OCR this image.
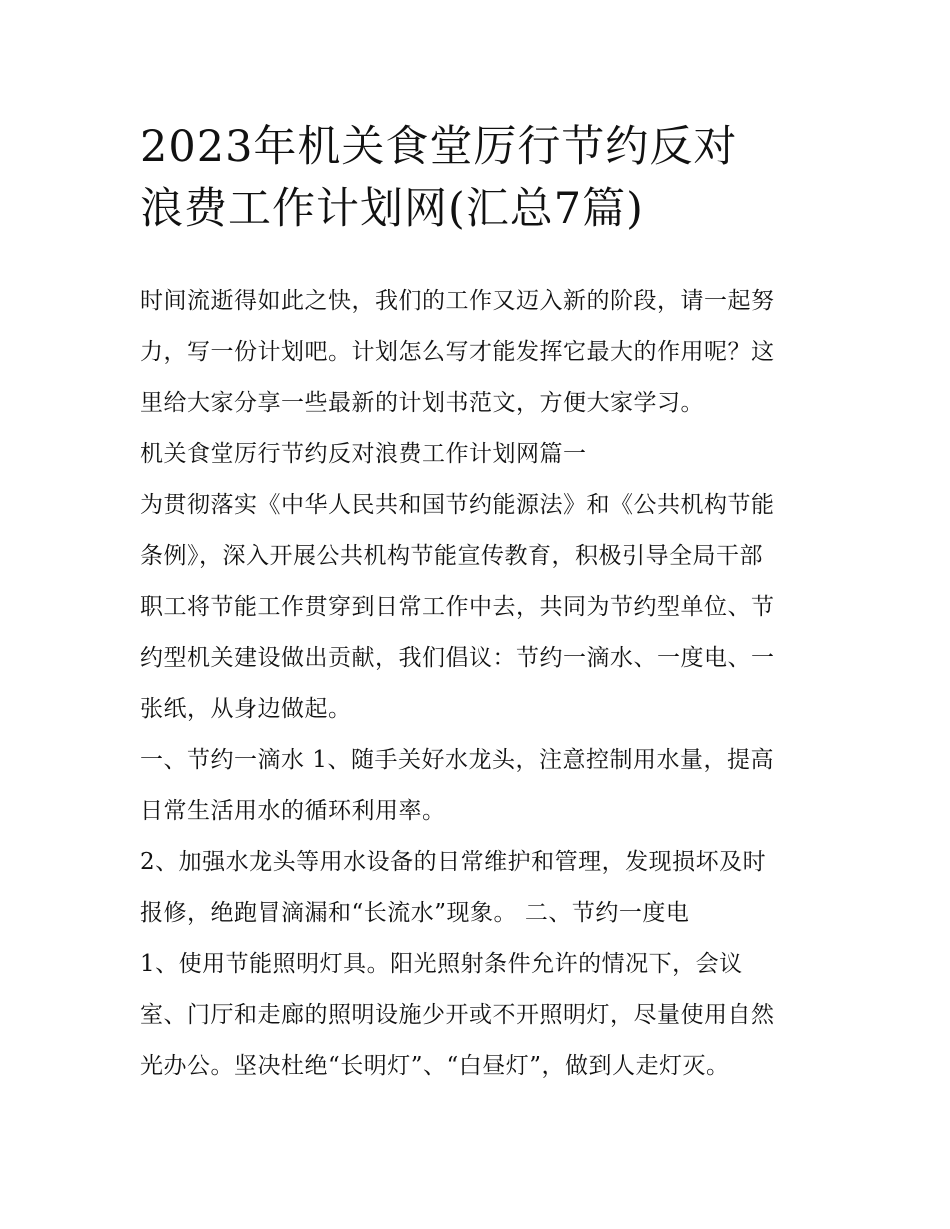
2023年机关食堂厉行节约反对
浪费工作计划网(汇总7篇)
时间流逝得如此之快，我们的工作又迈入新的阶段，请一起努
力，写一份计划吧。计划怎么写才能发挥它最大的作用呢？这
里给大家分享一些最新的计划书范文，方便大家学习。
机关食堂厉行节约反对浪费工作计划网篇一
为贯彻落实《中华人民共和国节约能源法》和《公共机构节能
条例》，深入开展公共机构节能宣传教育，积极引导全局干部
职工将节能工作贯穿到日常工作中去，共同为节约型单位、节
约型机关建设做出贡献，我们倡议：节约一滴水、一度电、一
张纸，从身边做起。
一、节约一滴水 1、随手关好水龙头，注意控制用水量，提高
日常生活用水的循环利用率。
2、加强水龙头等用水设备的日常维护和管理，发现损坏及时
报修，绝跑冒滴漏和“长流水”现象。 二、节约一度电
1、使用节能照明灯具。阳光照射条件允许的情况下，会议
室、门厅和走廊的照明设施少开或不开照明灯，尽量使用自然
光办公。坚决杜绝“长明灯”、“白昼灯”，做到人走灯灭。
